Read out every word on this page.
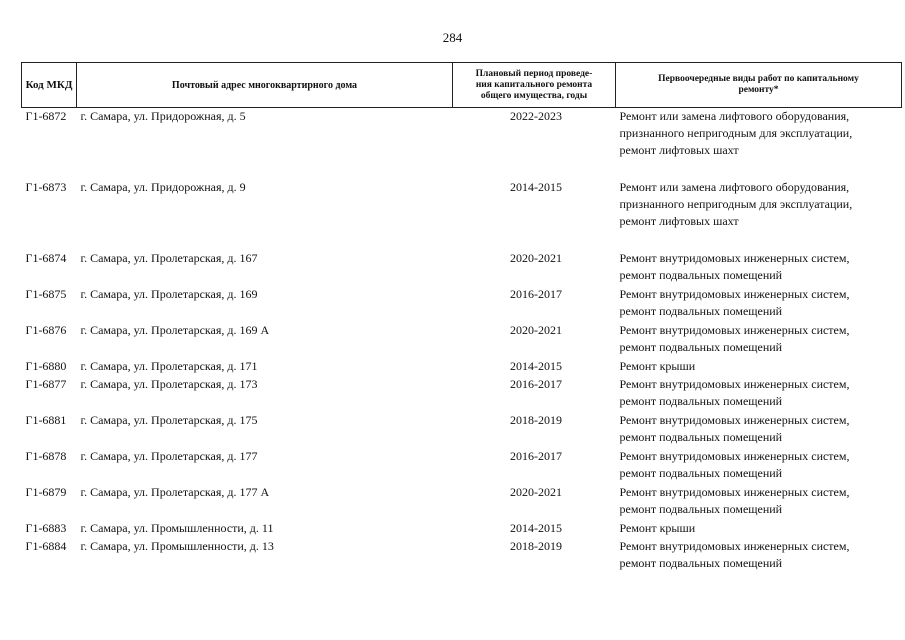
284
Код МКД	Почтовый адрес многоквартирного дома	Плановый период проведе-
ния капитального ремонта
общего имущества, годы	Первоочередные виды работ по капитальному
ремонту*

Г1-6872	г. Самара, ул. Придорожная, д. 5	2022-2023	Ремонт или замена лифтового оборудования,
признанного непригодным для эксплуатации,
ремонт лифтовых шахт

Г1-6873	г. Самара, ул. Придорожная, д. 9	2014-2015	Ремонт или замена лифтового оборудования,
признанного непригодным для эксплуатации,
ремонт лифтовых шахт

Г1-6874	г. Самара, ул. Пролетарская, д. 167	2020-2021	Ремонт внутридомовых инженерных систем,
ремонт подвальных помещений

Г1-6875	г. Самара, ул. Пролетарская, д. 169	2016-2017	Ремонт внутридомовых инженерных систем,
ремонт подвальных помещений

Г1-6876	г. Самара, ул. Пролетарская, д. 169 А	2020-2021	Ремонт внутридомовых инженерных систем,
ремонт подвальных помещений

Г1-6880	г. Самара, ул. Пролетарская, д. 171	2014-2015	Ремонт крыши

Г1-6877	г. Самара, ул. Пролетарская, д. 173	2016-2017	Ремонт внутридомовых инженерных систем,
ремонт подвальных помещений

Г1-6881	г. Самара, ул. Пролетарская, д. 175	2018-2019	Ремонт внутридомовых инженерных систем,
ремонт подвальных помещений

Г1-6878	г. Самара, ул. Пролетарская, д. 177	2016-2017	Ремонт внутридомовых инженерных систем,
ремонт подвальных помещений

Г1-6879	г. Самара, ул. Пролетарская, д. 177 А	2020-2021	Ремонт внутридомовых инженерных систем,
ремонт подвальных помещений

Г1-6883	г. Самара, ул. Промышленности, д. 11	2014-2015	Ремонт крыши

Г1-6884	г. Самара, ул. Промышленности, д. 13	2018-2019	Ремонт внутридомовых инженерных систем,
ремонт подвальных помещений
